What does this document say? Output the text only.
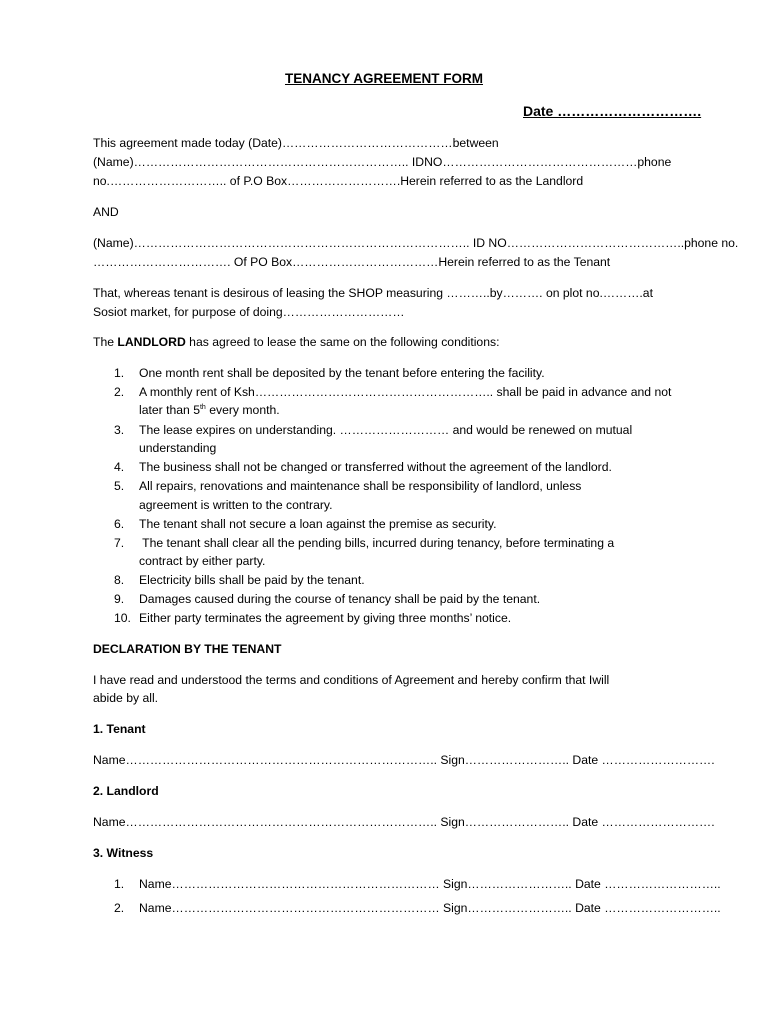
TENANCY AGREEMENT FORM
Date ………………………….
This agreement made today (Date)……………………………………between
(Name)………………………………………………………….. IDNO…………………………………………phone
no.……………………….. of P.O Box……………………….Herein referred to as the Landlord
AND
(Name)……………………………………………………………………….. ID NO……………………………………..phone no.
……………………………. Of PO Box………………………………Herein referred to as the Tenant
That, whereas tenant is desirous of leasing the SHOP measuring ………..by………. on plot no.……….at
Sosiot market, for purpose of doing…………………………
The LANDLORD has agreed to lease the same on the following conditions:
1.	One month rent shall be deposited by the tenant before entering the facility.
2.	A monthly rent of Ksh………………………………………………….. shall be paid in advance and not
later than 5th every month.
3.	The lease expires on understanding. ……………………… and would be renewed on mutual
understanding
4.	The business shall not be changed or transferred without the agreement of the landlord.
5.	All repairs, renovations and maintenance shall be responsibility of landlord, unless
agreement is written to the contrary.
6.	The tenant shall not secure a loan against the premise as security.
7.	The tenant shall clear all the pending bills, incurred during tenancy, before terminating a
contract by either party.
8.	Electricity bills shall be paid by the tenant.
9.	Damages caused during the course of tenancy shall be paid by the tenant.
10. Either party terminates the agreement by giving three months’ notice.
DECLARATION BY THE TENANT
I have read and understood the terms and conditions of Agreement and hereby confirm that Iwill
abide by all.
1. Tenant
Name………………………………………………………………….. Sign…………………….. Date ……………………….
2. Landlord
Name………………………………………………………………….. Sign…………………….. Date ……………………….
3. Witness
1.	Name………………………………………………………… Sign…………………….. Date ………………………..
2.	Name………………………………………………………… Sign…………………….. Date ………………………..
